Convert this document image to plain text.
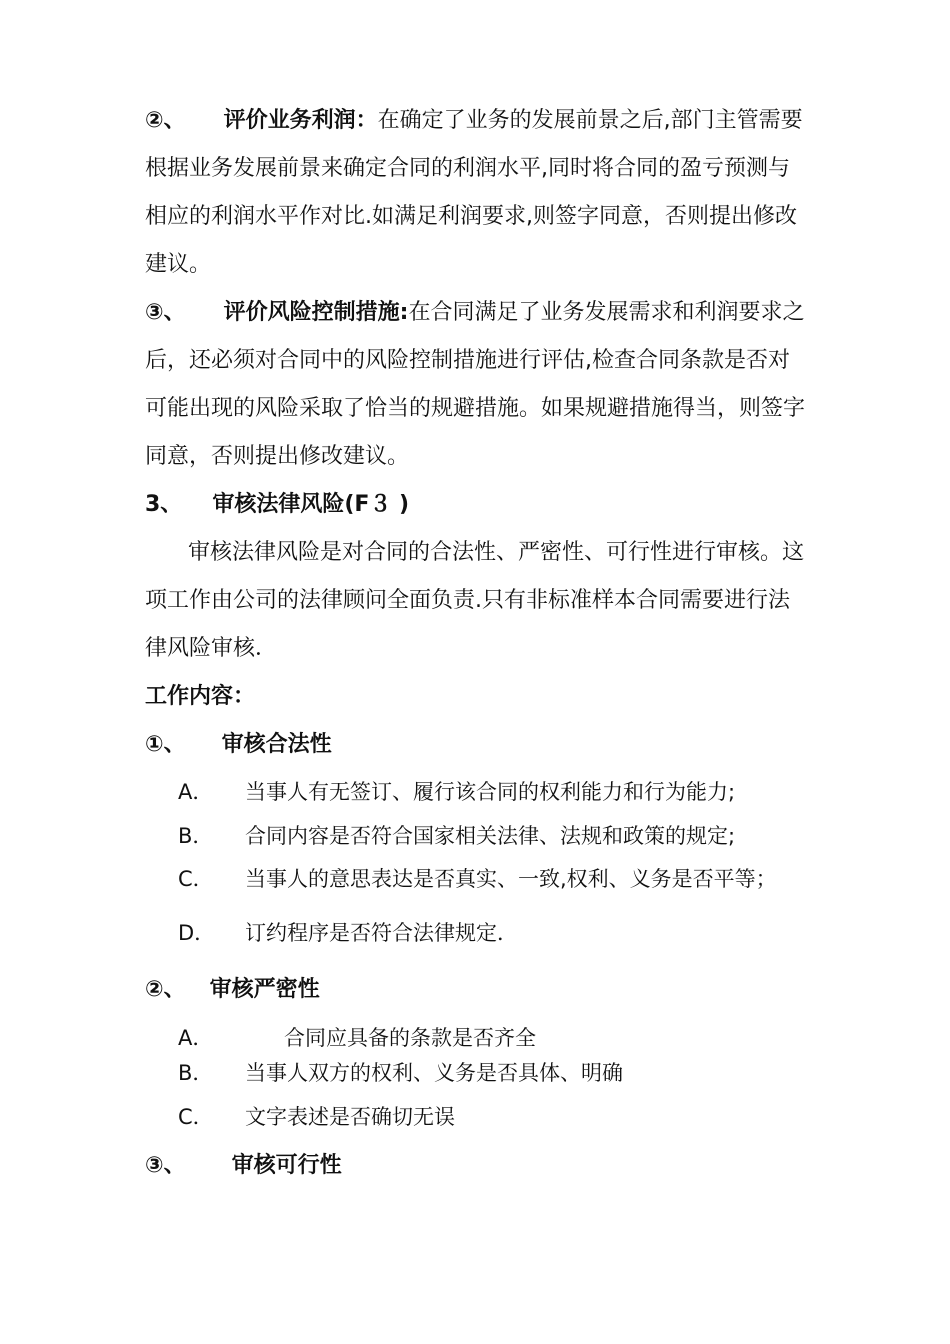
②、 评价业务利润：在确定了业务的发展前景之后,部门主管需要
根据业务发展前景来确定合同的利润水平,同时将合同的盈亏预测与
相应的利润水平作对比.如满足利润要求,则签字同意，否则提出修改
建议。
③、 评价风险控制措施:在合同满足了业务发展需求和利润要求之
后，还必须对合同中的风险控制措施进行评估,检查合同条款是否对
可能出现的风险采取了恰当的规避措施。如果规避措施得当，则签字
同意，否则提出修改建议。
3、 审核法律风险(F３ )
审核法律风险是对合同的合法性、严密性、可行性进行审核。这
项工作由公司的法律顾问全面负责.只有非标准样本合同需要进行法
律风险审核．
工作内容：
①、 审核合法性
A． 当事人有无签订、履行该合同的权利能力和行为能力;
B． 合同内容是否符合国家相关法律、法规和政策的规定;
C． 当事人的意思表达是否真实、一致,权利、义务是否平等；
D． 订约程序是否符合法律规定．
②、 审核严密性
A．	合同应具备的条款是否齐全
B． 当事人双方的权利、义务是否具体、明确
C． 文字表述是否确切无误
③、 审核可行性
